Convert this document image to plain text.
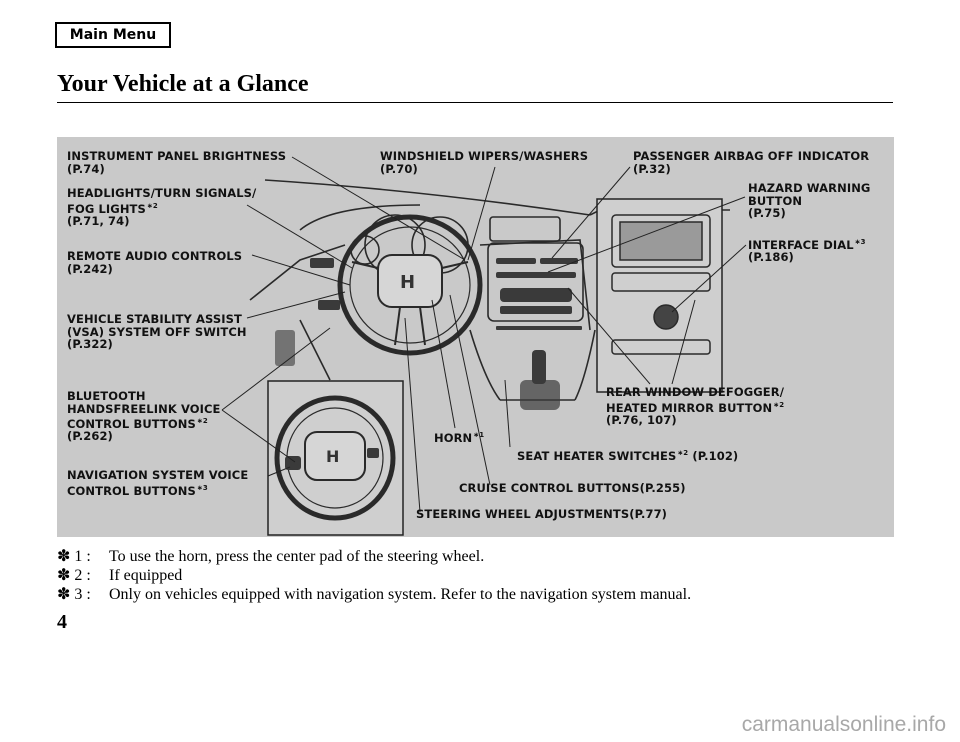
Main Menu
Your Vehicle at a Glance
H
H
INSTRUMENT PANEL BRIGHTNESS
(P.74)
HEADLIGHTS/TURN SIGNALS/
FOG $LIGHTS^{∗2}$
(P.71, 74)
REMOTE AUDIO CONTROLS
(P.242)
VEHICLE STABILITY ASSIST
(VSA) SYSTEM OFF SWITCH
(P.322)
BLUETOOTH
HANDSFREELINK VOICE
CONTROL $BUTTONS^{∗2}$
(P.262)
NAVIGATION SYSTEM VOICE
CONTROL $BUTTONS^{∗3}$
WINDSHIELD WIPERS/WASHERS
(P.70)
PASSENGER AIRBAG OFF INDICATOR
(P.32)
HAZARD WARNING
BUTTON
(P.75)
INTERFACE $DIAL^{∗3}$
(P.186)
REAR WINDOW DEFOGGER/
HEATED MIRROR $BUTTON^{∗2}$
(P.76, 107)
$HORN^{∗1}$
SEAT HEATER $SWITCHES^{∗2}$ (P.102)
CRUISE CONTROL BUTTONS(P.255)
STEERING WHEEL ADJUSTMENTS(P.77)
✽ 1 : To use the horn, press the center pad of the steering wheel.
✽ 2 : If equipped
✽ 3 : Only on vehicles equipped with navigation system. Refer to the navigation system manual.
4
carmanualsonline.info
